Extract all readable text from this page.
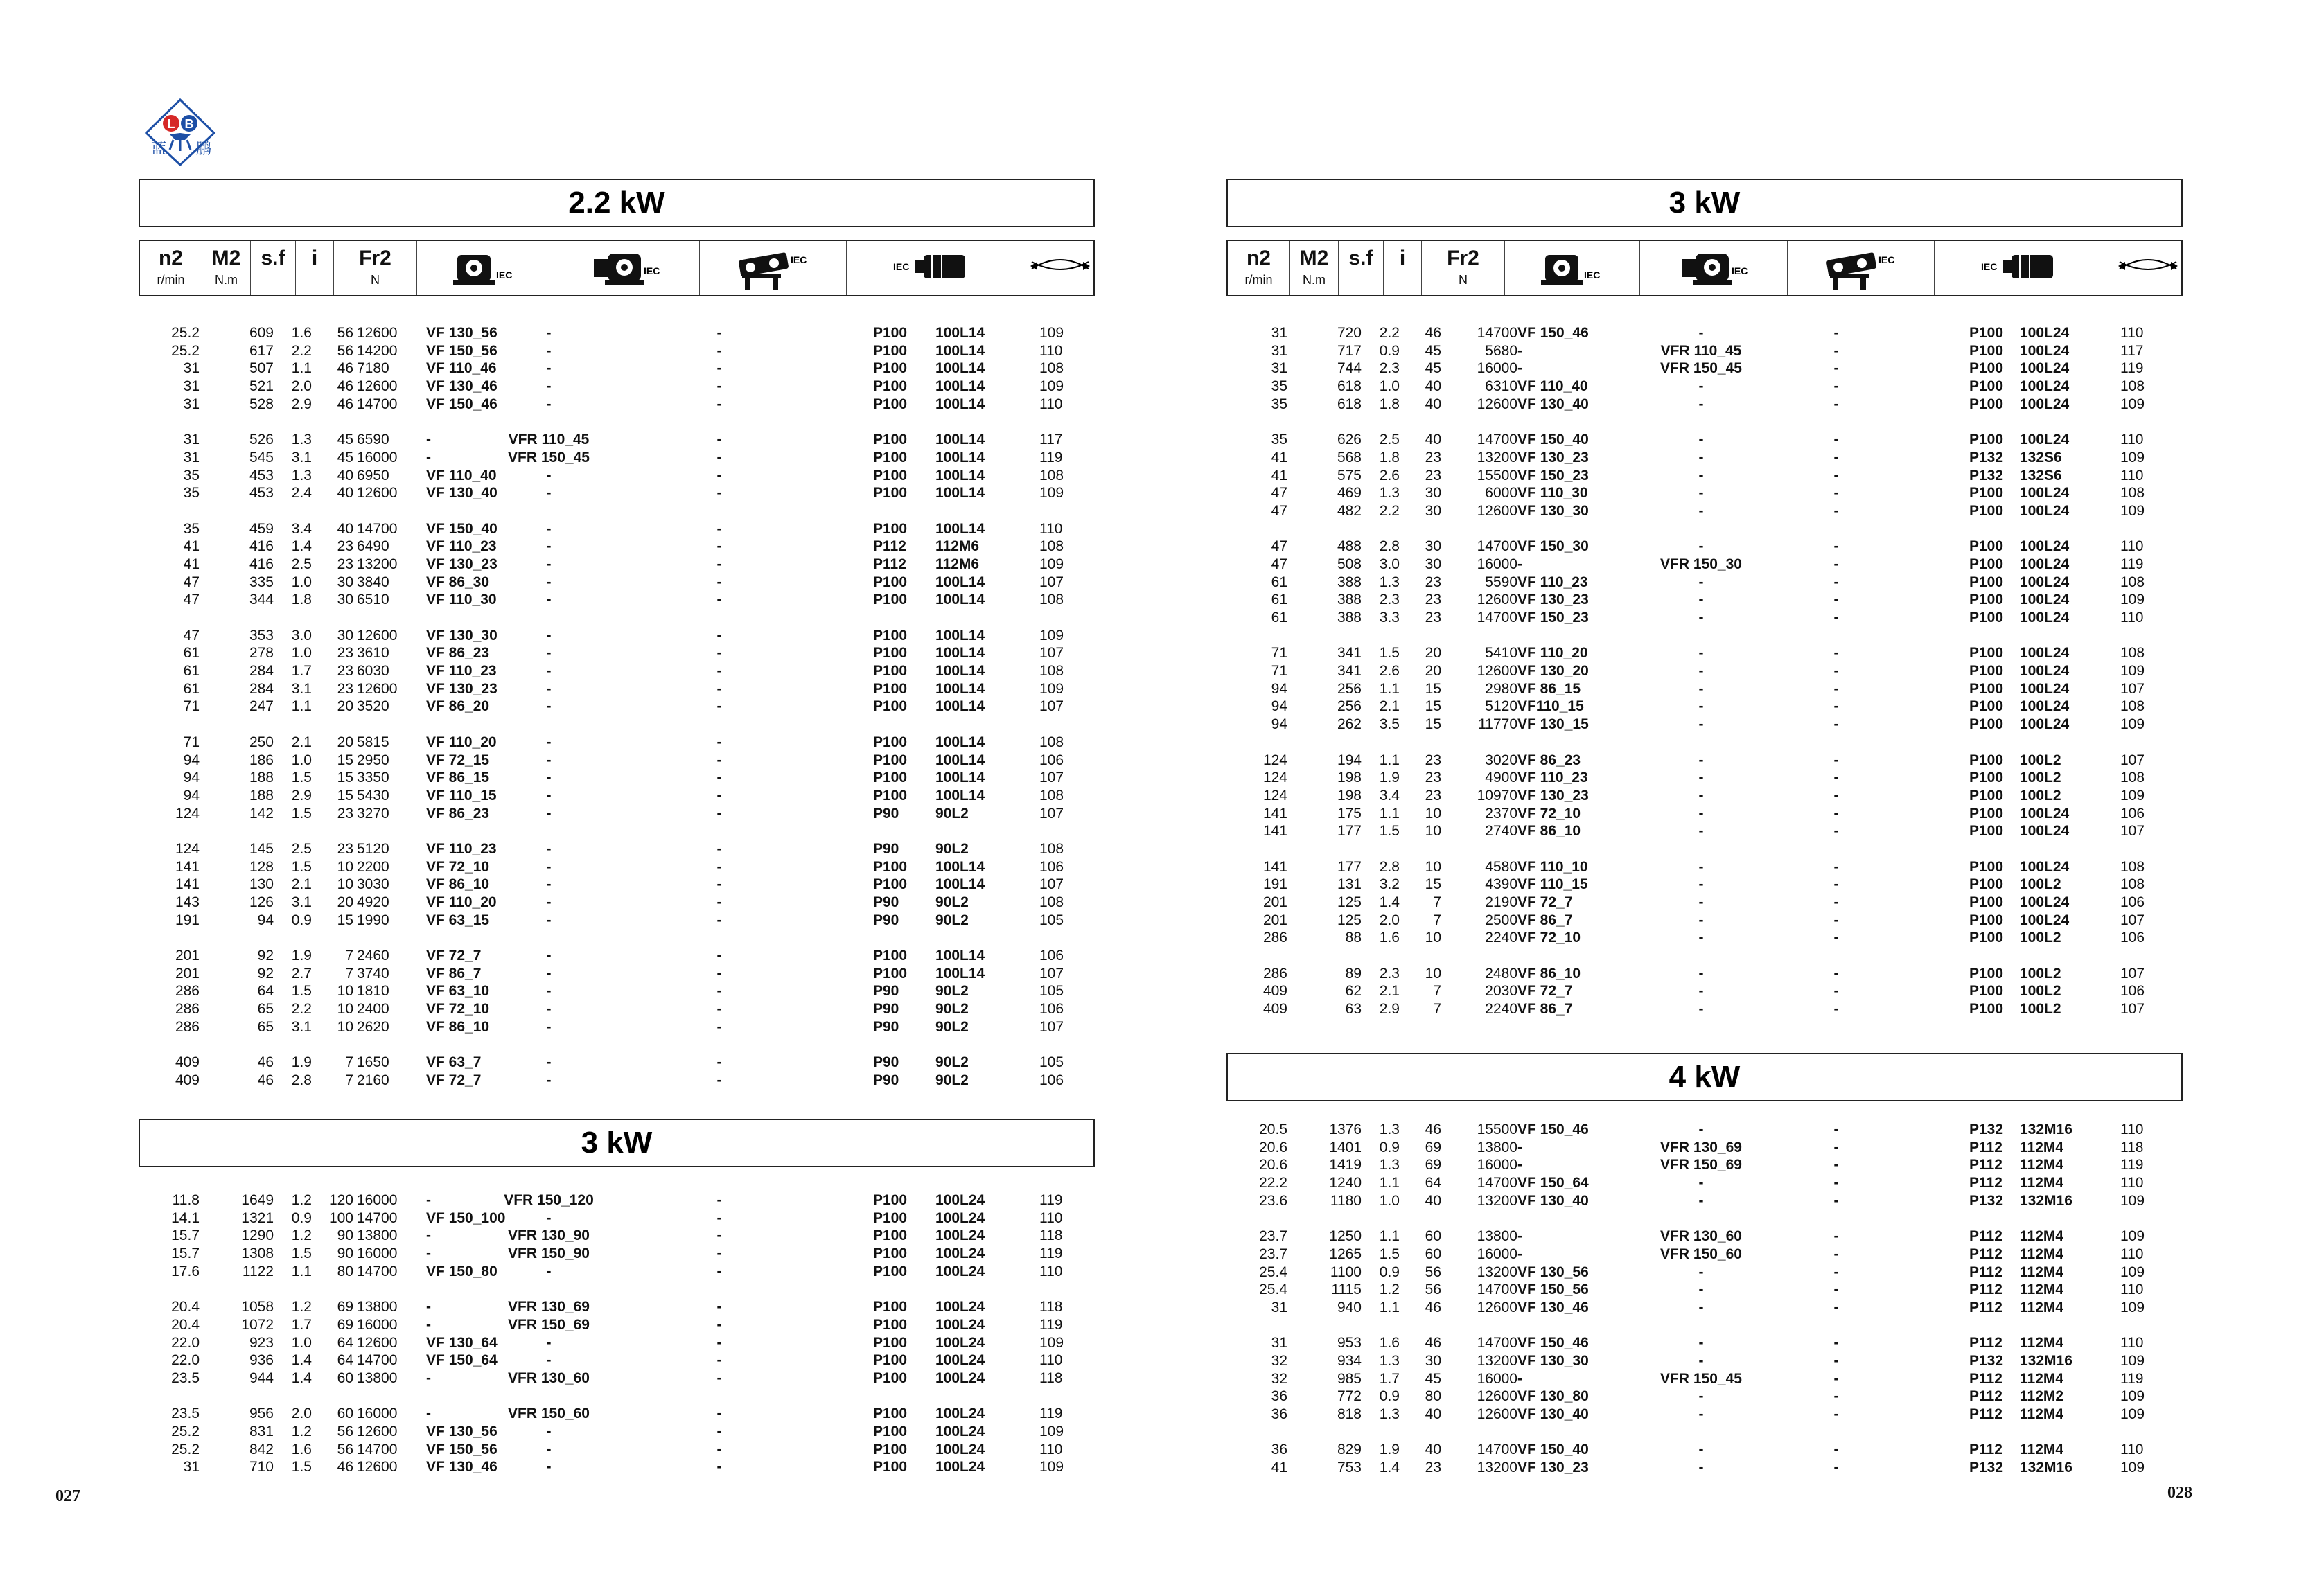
L B
蓝 鹏
2.2 kW
n2
r/min
M2
N.m
s.f	i	Fr2
N	IEC	IEC
IEC
IEC
25.2	609	1.6	56 12600 VF 130_56	-	-	P100 100L14	109
25.2	617	2.2	56 14200 VF 150_56	-	-	P100 100L14	110
31	507	1.1	46 7180	VF 110_46	-	-	P100 100L14	108
31	521	2.0	46 12600 VF 130_46	-	-	P100 100L14	109
31	528	2.9	46 14700 VF 150_46	-	-	P100 100L14	110
31	526	1.3	45 6590	-	VFR 110_45	-	P100 100L14	117
31	545	3.1	45 16000 -	VFR 150_45	-	P100 100L14	119
35	453	1.3	40 6950	VF 110_40	-	-	P100 100L14	108
35	453	2.4	40 12600 VF 130_40	-	-	P100 100L14	109
35	459	3.4	40 14700 VF 150_40	-	-	P100 100L14	110
41	416	1.4	23 6490	VF 110_23	-	-	P112 112M6	108
41	416	2.5	23 13200 VF 130_23	-	-	P112 112M6	109
47	335	1.0	30 3840	VF 86_30	-	-	P100 100L14	107
47	344	1.8	30 6510	VF 110_30	-	-	P100 100L14	108
47	353	3.0	30 12600 VF 130_30	-	-	P100 100L14	109
61	278	1.0	23 3610	VF 86_23	-	-	P100 100L14	107
61	284	1.7	23 6030	VF 110_23	-	-	P100 100L14	108
61	284	3.1	23 12600 VF 130_23	-	-	P100 100L14	109
71	247	1.1	20 3520	VF 86_20	-	-	P100 100L14	107
71	250	2.1	20 5815	VF 110_20	-	-	P100 100L14	108
94	186	1.0	15 2950	VF 72_15	-	-	P100 100L14	106
94	188	1.5	15 3350	VF 86_15	-	-	P100 100L14	107
94	188	2.9	15 5430	VF 110_15	-	-	P100 100L14	108
124	142	1.5	23 3270	VF 86_23	-	-	P90	90L2	107
124	145	2.5	23 5120	VF 110_23	-	-	P90	90L2	108
141	128	1.5	10 2200	VF 72_10	-	-	P100 100L14	106
141	130	2.1	10 3030	VF 86_10	-	-	P100 100L14	107
143	126	3.1	20 4920	VF 110_20	-	-	P90	90L2	108
191	94	0.9	15 1990	VF 63_15	-	-	P90	90L2	105
201	92	1.9	7 2460	VF 72_7	-	-	P100 100L14	106
201	92	2.7	7 3740	VF 86_7	-	-	P100 100L14	107
286	64	1.5	10 1810	VF 63_10	-	-	P90	90L2	105
286	65	2.2	10 2400	VF 72_10	-	-	P90	90L2	106
286	65	3.1	10 2620	VF 86_10	-	-	P90	90L2	107
409	46	1.9	7 1650	VF 63_7	-	-	P90	90L2	105
409	46	2.8	7 2160	VF 72_7	-	-	P90	90L2	106
3 kW
11.8	1649	1.2	120 16000 -	VFR 150_120	-	P100 100L24	119
14.1	1321	0.9	100 14700 VF 150_100	-	-	P100 100L24	110
15.7	1290	1.2	90 13800 -	VFR 130_90	-	P100 100L24	118
15.7	1308	1.5	90 16000 -	VFR 150_90	-	P100 100L24	119
17.6	1122	1.1	80 14700 VF 150_80	-	-	P100 100L24	110
20.4	1058	1.2	69 13800 -	VFR 130_69	-	P100 100L24	118
20.4	1072	1.7	69 16000 -	VFR 150_69	-	P100 100L24	119
22.0	923	1.0	64 12600 VF 130_64	-	-	P100 100L24	109
22.0	936	1.4	64 14700 VF 150_64	-	-	P100 100L24	110
23.5	944	1.4	60 13800 -	VFR 130_60	-	P100 100L24	118
23.5	956	2.0	60 16000 -	VFR 150_60	-	P100 100L24	119
25.2	831	1.2	56 12600 VF 130_56	-	-	P100 100L24	109
25.2	842	1.6	56 14700 VF 150_56	-	-	P100 100L24	110
31	710	1.5	46 12600 VF 130_46	-	-	P100 100L24	109
3 kW
n2
r/min
M2
N.m
s.f	i	Fr2
N	IEC	IEC
IEC
IEC
31	720	2.2	46	14700 VF 150_46	-	-	P100 100L24	110
31	717	0.9	45	5680 -	VFR 110_45	-	P100 100L24	117
31	744	2.3	45	16000 -	VFR 150_45	-	P100 100L24	119
35	618	1.0	40	6310 VF 110_40	-	-	P100 100L24	108
35	618	1.8	40	12600 VF 130_40	-	-	P100 100L24	109
35	626	2.5	40	14700 VF 150_40	-	-	P100 100L24	110
41	568	1.8	23	13200 VF 130_23	-	-	P132 132S6	109
41	575	2.6	23	15500 VF 150_23	-	-	P132 132S6	110
47	469	1.3	30	6000 VF 110_30	-	-	P100 100L24	108
47	482	2.2	30	12600 VF 130_30	-	-	P100 100L24	109
47	488	2.8	30	14700 VF 150_30	-	-	P100 100L24	110
47	508	3.0	30	16000 -	VFR 150_30	-	P100 100L24	119
61	388	1.3	23	5590 VF 110_23	-	-	P100 100L24	108
61	388	2.3	23	12600 VF 130_23	-	-	P100 100L24	109
61	388	3.3	23	14700 VF 150_23	-	-	P100 100L24	110
71	341	1.5	20	5410 VF 110_20	-	-	P100 100L24	108
71	341	2.6	20	12600 VF 130_20	-	-	P100 100L24	109
94	256	1.1	15	2980 VF 86_15	-	-	P100 100L24	107
94	256	2.1	15	5120 VF110_15	-	-	P100 100L24	108
94	262	3.5	15	11770 VF 130_15	-	-	P100 100L24	109
124	194	1.1	23	3020 VF 86_23	-	-	P100 100L2	107
124	198	1.9	23	4900 VF 110_23	-	-	P100 100L2	108
124	198	3.4	23	10970 VF 130_23	-	-	P100 100L2	109
141	175	1.1	10	2370 VF 72_10	-	-	P100 100L24	106
141	177	1.5	10	2740 VF 86_10	-	-	P100 100L24	107
141	177	2.8	10	4580 VF 110_10	-	-	P100 100L24	108
191	131	3.2	15	4390 VF 110_15	-	-	P100 100L2	108
201	125	1.4	7	2190 VF 72_7	-	-	P100 100L24	106
201	125	2.0	7	2500 VF 86_7	-	-	P100 100L24	107
286	88	1.6	10	2240 VF 72_10	-	-	P100 100L2	106
286	89	2.3	10	2480 VF 86_10	-	-	P100 100L2	107
409	62	2.1	7	2030 VF 72_7	-	-	P100 100L2	106
409	63	2.9	7	2240 VF 86_7	-	-	P100 100L2	107
4 kW
20.5	1376	1.3	46	15500 VF 150_46	-	-	P132 132M16	110
20.6	1401	0.9	69	13800 -	VFR 130_69	-	P112 112M4	118
20.6	1419	1.3	69	16000 -	VFR 150_69	-	P112 112M4	119
22.2	1240	1.1	64	14700 VF 150_64	-	-	P112 112M4	110
23.6	1180	1.0	40	13200 VF 130_40	-	-	P132 132M16	109
23.7	1250	1.1	60	13800 -	VFR 130_60	-	P112 112M4	109
23.7	1265	1.5	60	16000 -	VFR 150_60	-	P112 112M4	110
25.4	1100	0.9	56	13200 VF 130_56	-	-	P112 112M4	109
25.4	1115	1.2	56	14700 VF 150_56	-	-	P112 112M4	110
31	940	1.1	46	12600 VF 130_46	-	-	P112 112M4	109
31	953	1.6	46	14700 VF 150_46	-	-	P112 112M4	110
32	934	1.3	30	13200 VF 130_30	-	-	P132 132M16	109
32	985	1.7	45	16000 -	VFR 150_45	-	P112 112M4	119
36	772	0.9	80	12600 VF 130_80	-	-	P112 112M2	109
36	818	1.3	40	12600 VF 130_40	-	-	P112 112M4	109
36	829	1.9	40	14700 VF 150_40	-	-	P112 112M4	110
41	753	1.4	23	13200 VF 130_23	-	-	P132 132M16	109
027	028
